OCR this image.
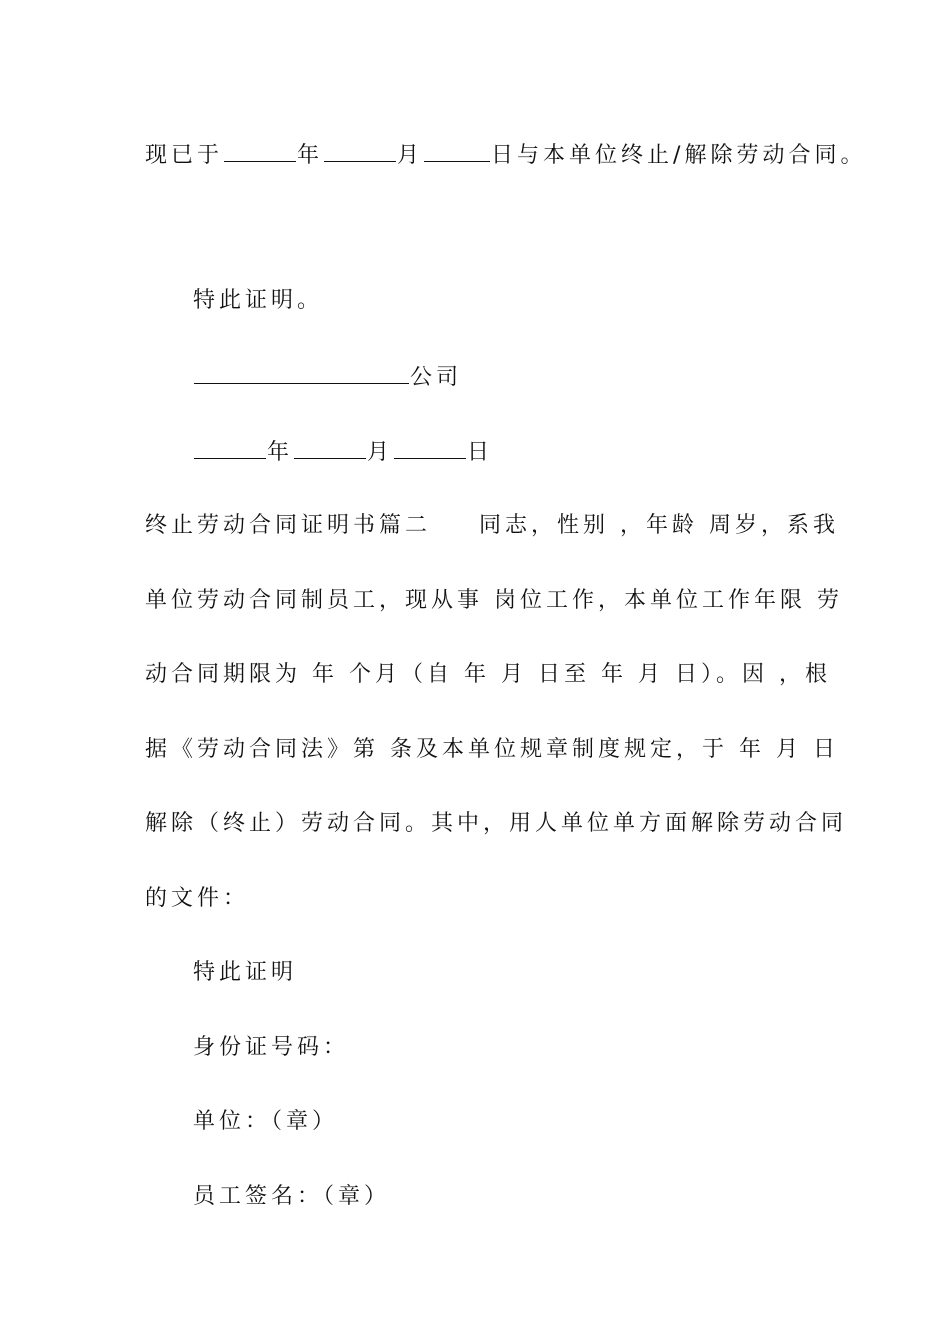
现已于	年	月	日与本单位终止/解除劳动合同。
特此证明。
公司
年	月	日
终止劳动合同证明书篇二 同志，性别 ，年龄 周岁，系我
单位劳动合同制员工，现从事 岗位工作，本单位工作年限 劳
动合同期限为 年 个月（自 年 月 日至 年 月 日）。因 ，根
据《劳动合同法》第 条及本单位规章制度规定，于 年 月 日
解除（终止）劳动合同。其中，用人单位单方面解除劳动合同
的文件：
特此证明
身份证号码：
单位：（章）
员工签名：（章）
